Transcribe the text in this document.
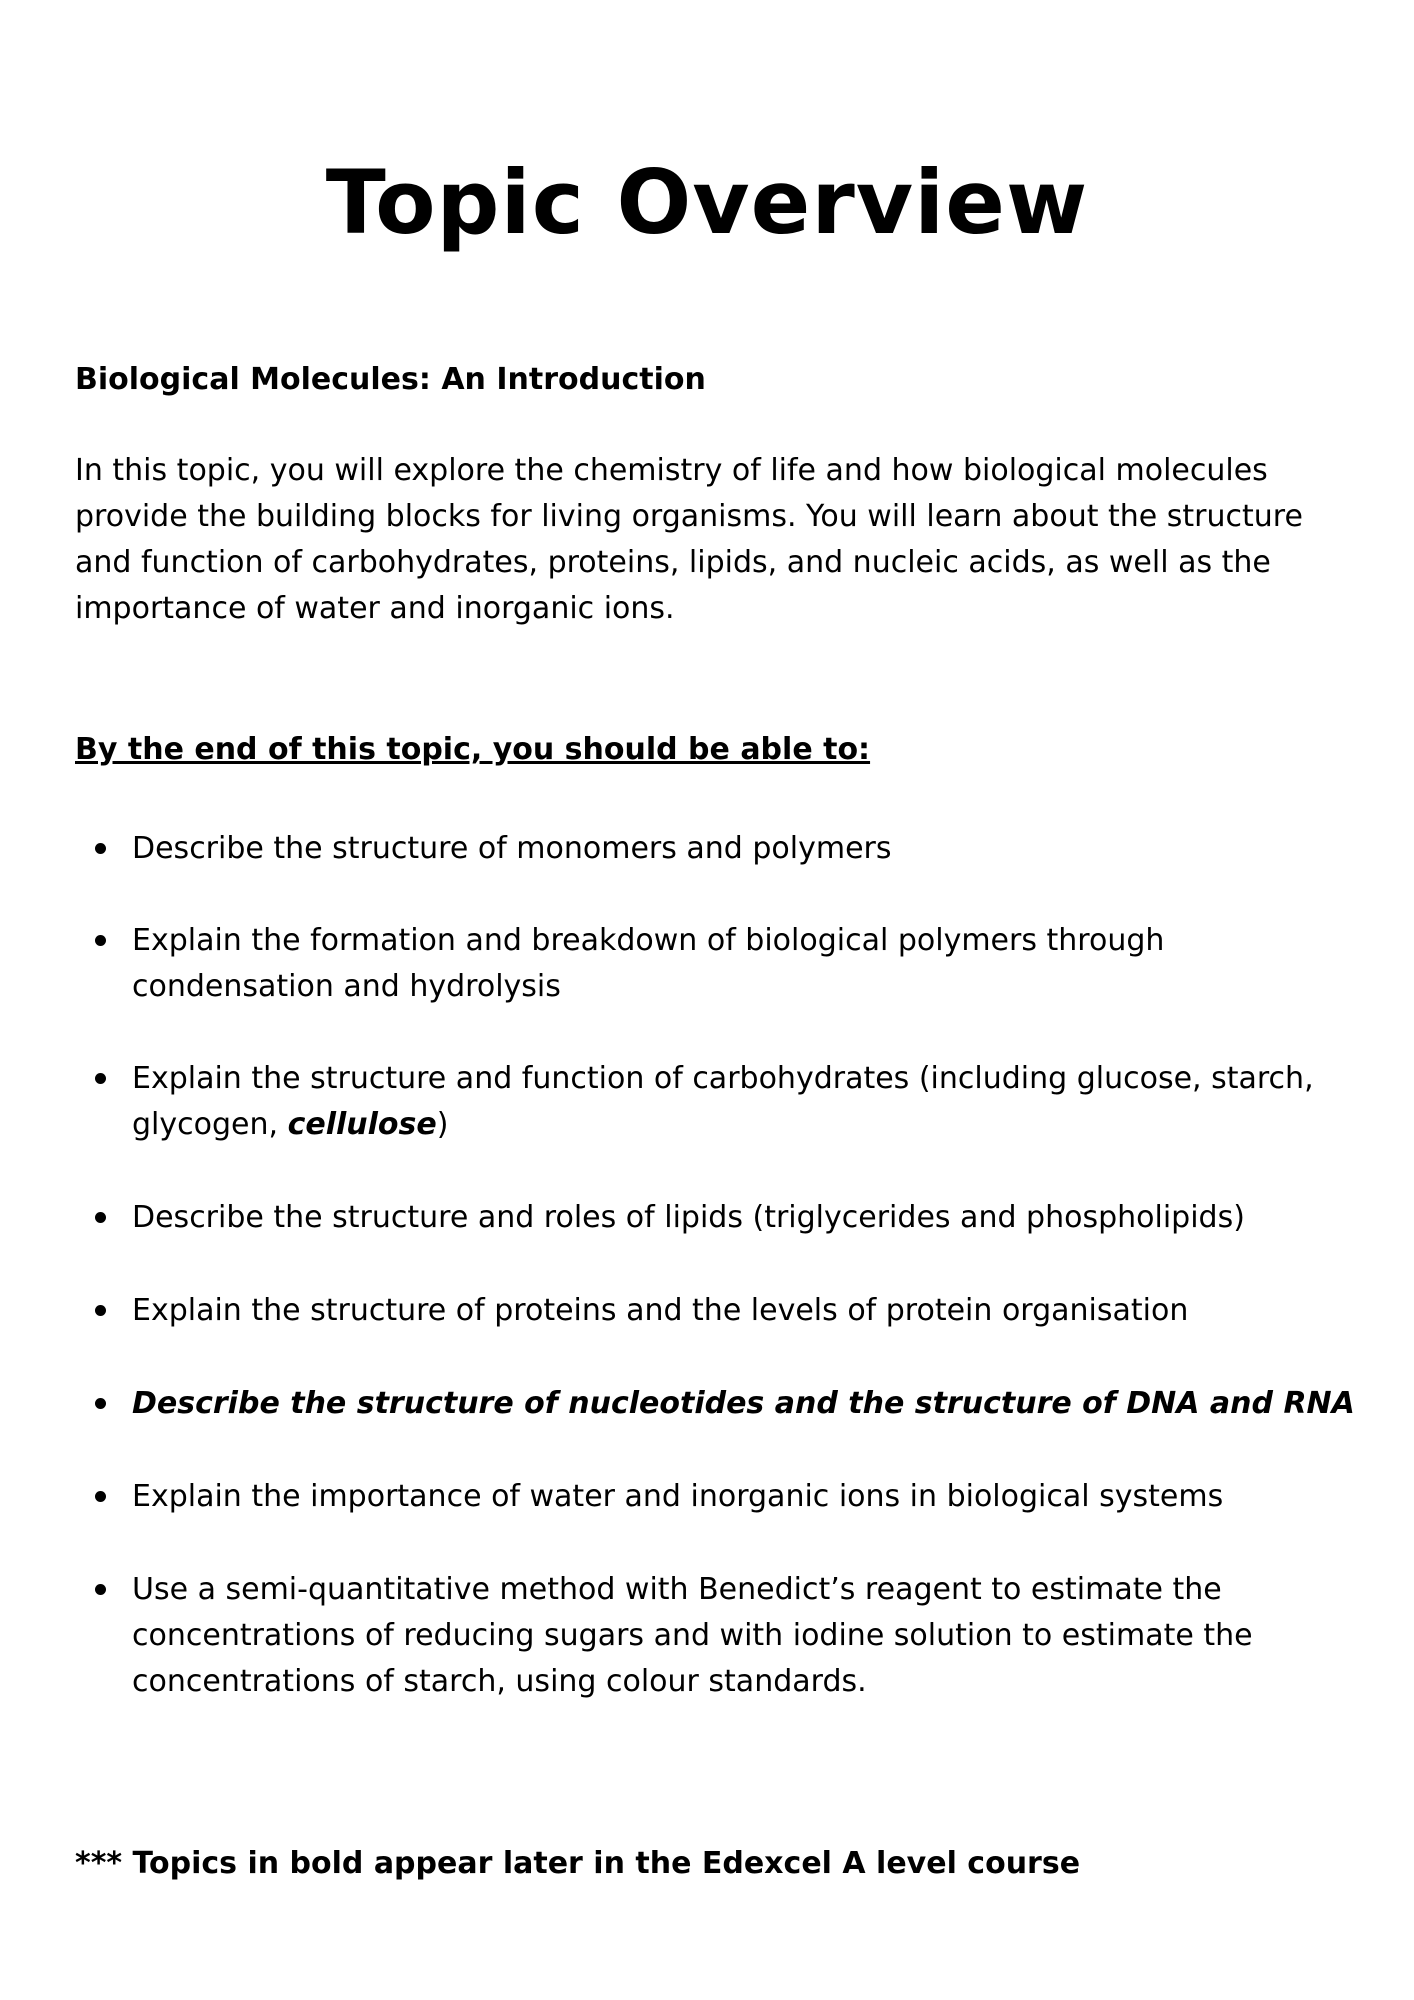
Topic Overview
Biological Molecules: An Introduction

In this topic, you will explore the chemistry of life and how biological molecules provide the building blocks for living organisms. You will learn about the structure and function of carbohydrates, proteins, lipids, and nucleic acids, as well as the importance of water and inorganic ions.

By the end of this topic, you should be able to:
Describe the structure of monomers and polymers
Explain the formation and breakdown of biological polymers through condensation and hydrolysis
Explain the structure and function of carbohydrates (including glucose, starch, glycogen, cellulose)
Describe the structure and roles of lipids (triglycerides and phospholipids)
Explain the structure of proteins and the levels of protein organisation
Describe the structure of nucleotides and the structure of DNA and RNA
Explain the importance of water and inorganic ions in biological systems
Use a semi-quantitative method with Benedict’s reagent to estimate the concentrations of reducing sugars and with iodine solution to estimate the concentrations of starch, using colour standards.
*** Topics in bold appear later in the Edexcel A level course
